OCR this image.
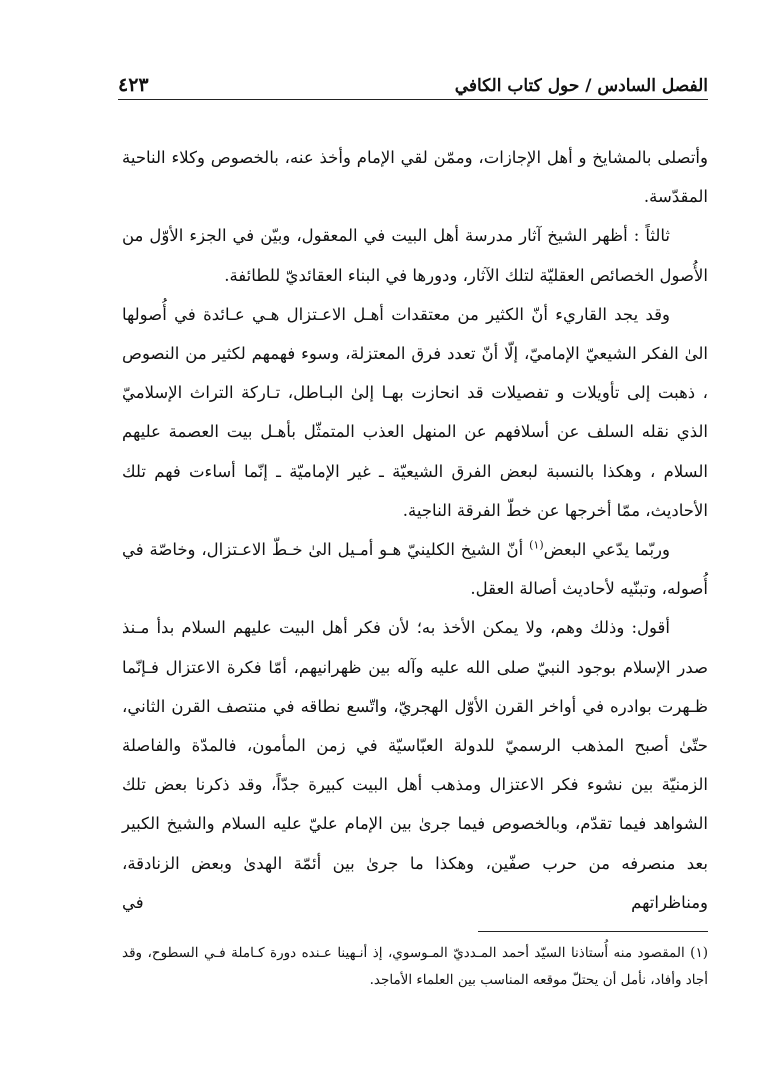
الفصل السادس / حول كتاب الكافي
٤٢٣

وأتصلى بالمشايخ و أهل الإجازات، وممّن لقي الإمام وأخذ عنه، بالخصوص وكلاء الناحية المقدّسة.

ثالثاً : أظهر الشيخ آثار مدرسة أهل البيت في المعقول، وبيّن في الجزء الأوّل من الأُصول الخصائص العقليّة لتلك الآثار، ودورها في البناء العقائديّ للطائفة.

وقد يجد القاريء أنّ الكثير من معتقدات أهـل الاعـتزال هـي عـائدة في أُصولها الىٰ الفكر الشيعيّ الإماميّ، إلّا أنّ تعدد فرق المعتزلة، وسوء فهمهم لكثير من النصوص ، ذهبت إلى تأويلات و تفصيلات قد انحازت بهـا إلىٰ البـاطل، تـاركة التراث الإسلاميّ الذي نقله السلف عن أسلافهم عن المنهل العذب المتمثّل بأهـل بيت العصمة عليهم السلام ، وهكذا بالنسبة لبعض الفرق الشيعيّة ـ غير الإماميّة ـ إنّما أساءت فهم تلك الأحاديث، ممّا أخرجها عن خطّ الفرقة الناجية.

وربّما يدّعي البعض$^{(١)}$ أنّ الشيخ الكلينيّ هـو أمـيل الىٰ خـطّ الاعـتزال، وخاصّة في أُصوله، وتبنّيه لأحاديث أصالة العقل.

أقول: وذلك وهم، ولا يمكن الأخذ به؛ لأن فكر أهل البيت عليهم السلام بدأ مـنذ صدر الإسلام بوجود النبيّ صلى الله عليه وآله بين ظهرانيهم، أمّا فكرة الاعتزال فـإنّما ظـهرت بوادره في أواخر القرن الأوّل الهجريّ، واتّسع نطاقه في منتصف القرن الثاني، حتّىٰ أصبح المذهب الرسميّ للدولة العبّاسيّة في زمن المأمون، فالمدّة والفاصلة الزمنيّة بين نشوء فكر الاعتزال ومذهب أهل البيت كبيرة جدّاً، وقد ذكرنا بعض تلك الشواهد فيما تقدّم، وبالخصوص فيما جرىٰ بين الإمام عليّ عليه السلام والشيخ الكبير بعد منصرفه من حرب صفّين، وهكذا ما جرىٰ بين أئمّة الهدىٰ وبعض الزنادقة، ومناظراتهم في

(١) المقصود منه أُستاذنا السيّد أحمد المـدديّ المـوسوي، إذ أنـهينا عـنده دورة كـاملة فـي السطوح، وقد أجاد وأفاد، نأمل أن يحتلّ موقعه المناسب بين العلماء الأماجد.
